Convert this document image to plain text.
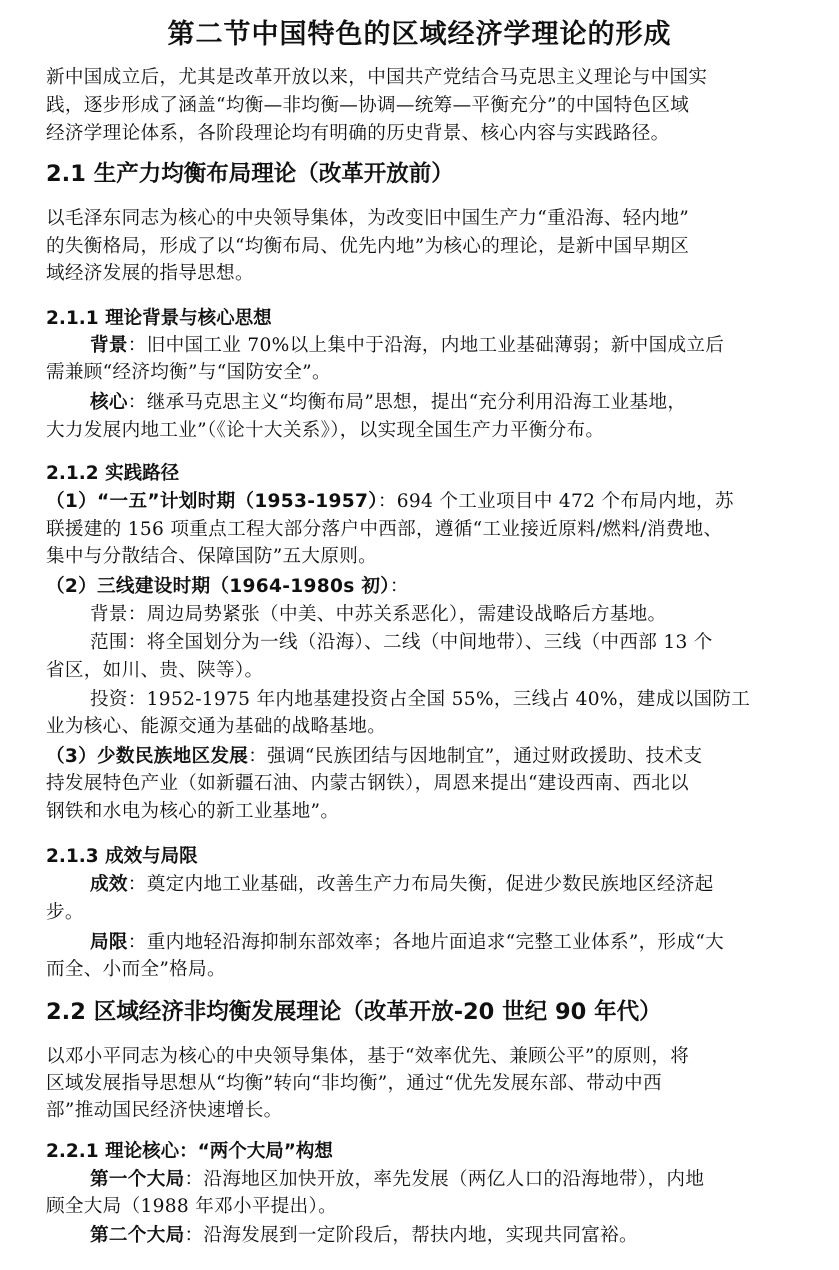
第二节中国特色的区域经济学理论的形成
新中国成立后，尤其是改革开放以来，中国共产党结合马克思主义理论与中国实
践，逐步形成了涵盖“均衡—非均衡—协调—统筹—平衡充分”的中国特色区域
经济学理论体系，各阶段理论均有明确的历史背景、核心内容与实践路径。
2.1 生产力均衡布局理论（改革开放前）
以毛泽东同志为核心的中央领导集体，为改变旧中国生产力“重沿海、轻内地”
的失衡格局，形成了以“均衡布局、优先内地”为核心的理论，是新中国早期区
域经济发展的指导思想。
2.1.1 理论背景与核心思想
背景：旧中国工业 70%以上集中于沿海，内地工业基础薄弱；新中国成立后
需兼顾“经济均衡”与“国防安全”。
核心：继承马克思主义“均衡布局”思想，提出“充分利用沿海工业基地，
大力发展内地工业”（《论十大关系》），以实现全国生产力平衡分布。
2.1.2 实践路径
（1）“一五”计划时期（1953-1957）：694 个工业项目中 472 个布局内地，苏
联援建的 156 项重点工程大部分落户中西部，遵循“工业接近原料/燃料/消费地、
集中与分散结合、保障国防”五大原则。
（2）三线建设时期（1964-1980s 初）：
背景：周边局势紧张（中美、中苏关系恶化），需建设战略后方基地。
范围：将全国划分为一线（沿海）、二线（中间地带）、三线（中西部 13 个
省区，如川、贵、陕等）。
投资：1952-1975 年内地基建投资占全国 55%，三线占 40%，建成以国防工
业为核心、能源交通为基础的战略基地。
（3）少数民族地区发展：强调“民族团结与因地制宜”，通过财政援助、技术支
持发展特色产业（如新疆石油、内蒙古钢铁），周恩来提出“建设西南、西北以
钢铁和水电为核心的新工业基地”。
2.1.3 成效与局限
成效：奠定内地工业基础，改善生产力布局失衡，促进少数民族地区经济起
步。
局限：重内地轻沿海抑制东部效率；各地片面追求“完整工业体系”，形成“大
而全、小而全”格局。
2.2 区域经济非均衡发展理论（改革开放-20 世纪 90 年代）
以邓小平同志为核心的中央领导集体，基于“效率优先、兼顾公平”的原则，将
区域发展指导思想从“均衡”转向“非均衡”，通过“优先发展东部、带动中西
部”推动国民经济快速增长。
2.2.1 理论核心：“两个大局”构想
第一个大局：沿海地区加快开放，率先发展（两亿人口的沿海地带），内地
顾全大局（1988 年邓小平提出）。
第二个大局：沿海发展到一定阶段后，帮扶内地，实现共同富裕。
